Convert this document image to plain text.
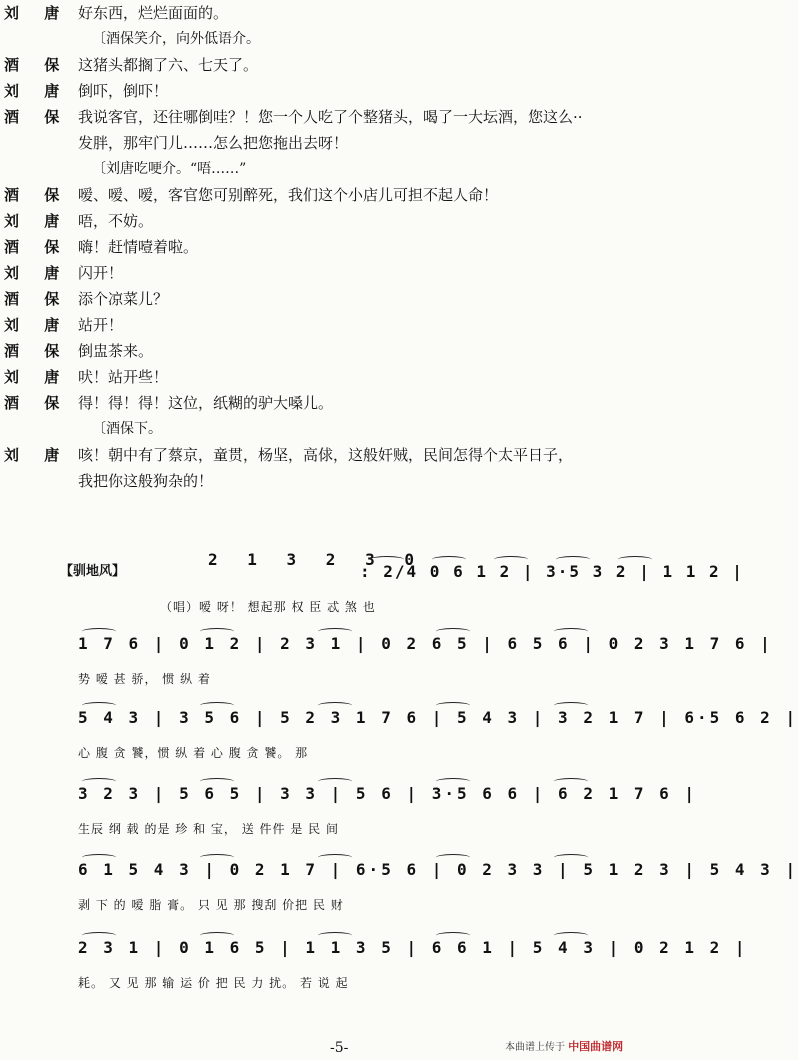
刘 唐 好东西，烂烂面面的。
〔酒保笑介，向外低语介。
酒 保 这猪头都搁了六、七天了。
刘 唐 倒吓，倒吓！
酒 保 我说客官，还往哪倒哇？！您一个人吃了个整猪头，喝了一大坛酒，您这么··
发胖，那牢门儿……怎么把您拖出去呀！
〔刘唐吃哽介。“唔……”
酒 保 嗳、嗳、嗳，客官您可别醉死，我们这个小店儿可担不起人命！
刘 唐 唔，不妨。
酒 保 嗨！赶情噎着啦。
刘 唐 闪开！
酒 保 添个凉菜儿？
刘 唐 站开！
酒 保 倒盅茶来。
刘 唐 吠！站开些！
酒 保 得！得！得！这位，纸糊的驴大嗓儿。
〔酒保下。
刘 唐 咳！朝中有了蔡京，童贯，杨坚，高俅，这般奸贼，民间怎得个太平日子，
我把你这般狗杂的！
【驯地风】
2 1 3 2 3 0
: 2/4 0 6 1 2 | 3·5 3 2 | 1 1 2 |
（唱）嗳 呀！ 想起那 权 臣 忒 煞 也
1 7 6 | 0 1 2 | 2 3 1 | 0 2 6 5 | 6 5 6 | 0 2 3 1 7 6 |
势 嗳 甚 骄， 惯 纵 着
5 4 3 | 3 5 6 | 5 2 3 1 7 6 | 5 4 3 | 3 2 1 7 | 6·5 6 2 |
心 腹 贪 饕，惯 纵 着 心 腹 贪 饕。 那
3 2 3 | 5 6 5 | 3 3 | 5 6 | 3·5 6 6 | 6 2 1 7 6 |
生辰 纲 载 的是 珍 和 宝， 送 件件 是 民 间
6 1 5 4 3 | 0 2 1 7 | 6·5 6 | 0 2 3 3 | 5 1 2 3 | 5 4 3 |
剥 下 的 嗳 脂 膏。 只 见 那 搜刮 价把 民 财
2 3 1 | 0 1 6 5 | 1 1 3 5 | 6 6 1 | 5 4 3 | 0 2 1 2 |
耗。 又 见 那 输 运 价 把 民 力 扰。 若 说 起
-5-	本曲谱上传于 中国曲谱网
